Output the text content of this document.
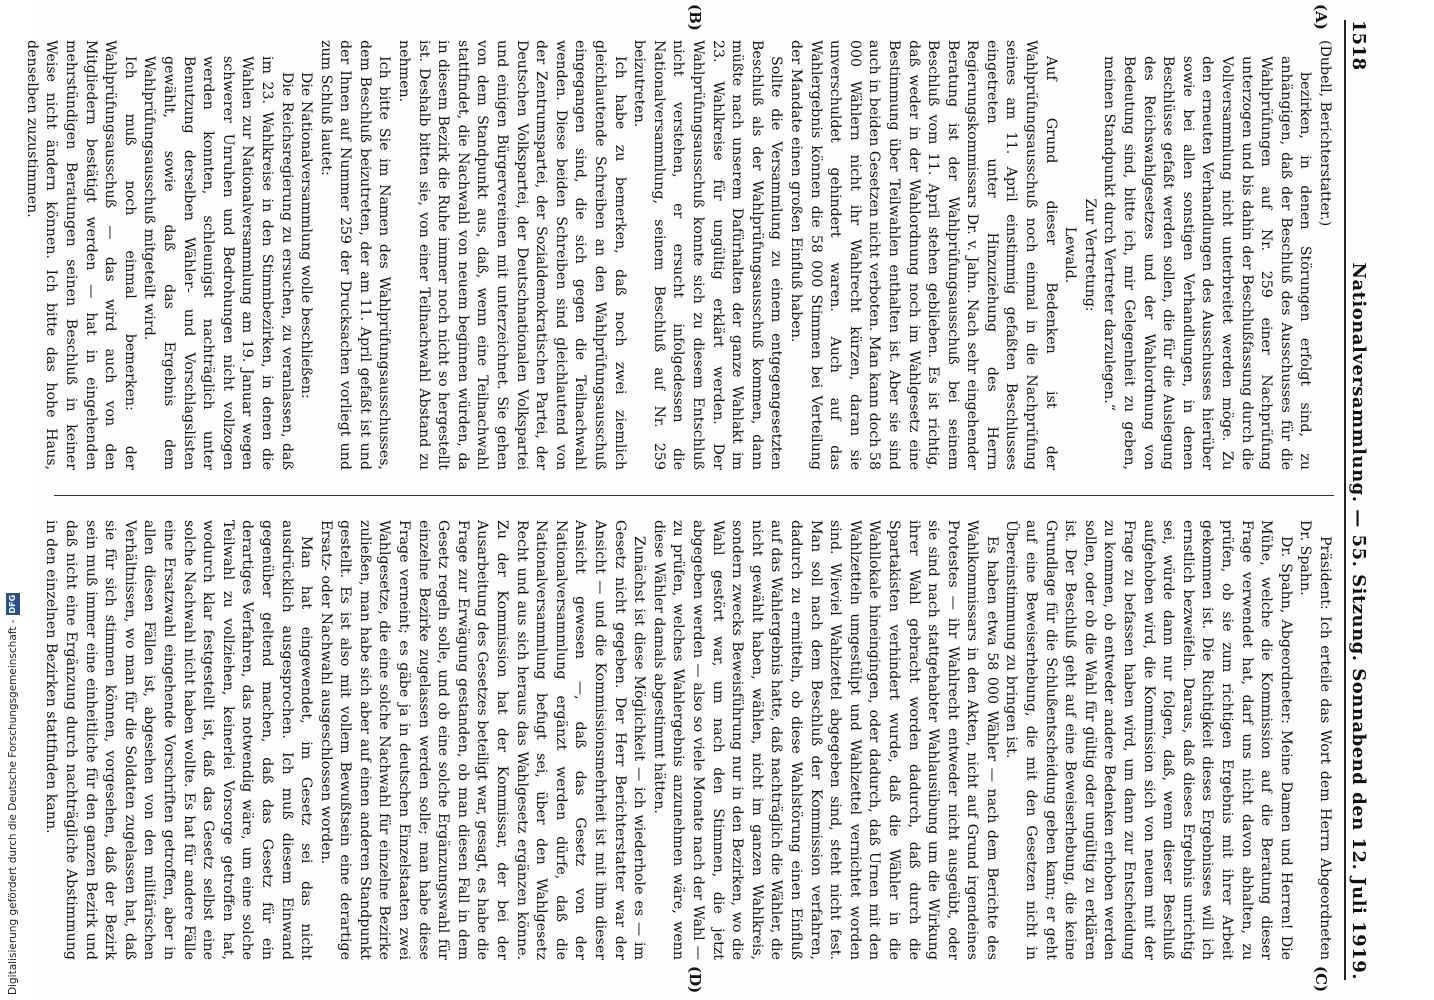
1518
Nationalversammlung. — 55. Sitzung. Sonnabend den 12. Juli 1919.
(A)
(B)
(C)
(D)

(Dubell, Berichterstatter.)

bezirken, in denen Störungen erfolgt sind, zu anhängigen, daß der Beschluß des Ausschusses für die Wahlprüfungen auf Nr. 259 einer Nachprüfung unterzogen und bis dahin der Beschlußfassung durch die Vollversammlung nicht unterbreitet werden möge. Zu den erneuten Verhandlungen des Ausschusses hierüber sowie bei allen sonstigen Verhandlungen, in denen Beschlüsse gefaßt werden sollen, die für die Auslegung des Reichswahlgesetzes und der Wahlordnung von Bedeutung sind, bitte ich, mir Gelegenheit zu geben, meinen Standpunkt durch Vertreter darzulegen.“

Zur Vertretung:

Lewald.

Auf Grund dieser Bedenken ist der Wahlprüfungsausschuß noch einmal in die Nachprüfung seines am 11. April einstimmig gefaßten Beschlusses eingetreten unter Hinzuziehung des Herrn Regierungskommissars Dr. v. Jahn. Nach sehr eingehender Beratung ist der Wahlprüfungsausschuß bei seinem Beschluß vom 11. April stehen geblieben. Es ist richtig, daß weder in der Wahlordnung noch im Wahlgesetz eine Bestimmung über Teilwahlen enthalten ist. Aber sie sind auch in beiden Gesetzen nicht verboten. Man kann doch 58 000 Wählern nicht ihr Wahlrecht kürzen, daran sie unverschuldet gehindert waren. Auch auf das Wahlergebnis können die 58 000 Stimmen bei Verteilung der Mandate einen großen Einfluß haben.

Sollte die Versammlung zu einem entgegengesetzten Beschluß als der Wahlprüfungsausschuß kommen, dann müßte nach unserem Dafürhalten der ganze Wahlakt im 23. Wahlkreise für ungültig erklärt werden. Der Wahlprüfungsausschuß konnte sich zu diesem Entschluß nicht verstehen, er ersucht infolgedessen die Nationalversammlung, seinem Beschluß auf Nr. 259 beizutreten.

Ich habe zu bemerken, daß noch zwei ziemlich gleichlautende Schreiben an den Wahlprüfungsausschuß eingegangen sind, die sich gegen die Teilnachwahl wenden. Diese beiden Schreiben sind gleichlautend von der Zentrumspartei, der Sozialdemokratischen Partei, der Deutschen Volkspartei, der Deutschnationalen Volkspartei und einigen Bürgervereinen mit unterzeichnet. Sie gehen von dem Standpunkt aus, daß, wenn eine Teilnachwahl stattfindet, die Nachwahl von neuem beginnen würden, da in diesem Bezirk die Ruhe immer noch nicht so hergestellt ist. Deshalb bitten sie, von einer Teilnachwahl Abstand zu nehmen.

Ich bitte Sie im Namen des Wahlprüfungsausschusses, dem Beschluß beizutreten, der am 11. April gefaßt ist und der Ihnen auf Nummer 259 der Drucksachen vorliegt und zum Schluß lautet:

Die Nationalversammlung wolle beschließen:

Die Reichsregierung zu ersuchen, zu veranlassen, daß im 23. Wahlkreise in den Stimmbezirken, in denen die Wahlen zur Nationalversammlung am 19. Januar wegen schwerer Unruhen und Bedrohungen nicht vollzogen werden konnten, schleunigst nachträglich unter Benutzung derselben Wähler- und Vorschlagslisten gewählt, sowie daß das Ergebnis dem Wahlprüfungsausschuß mitgeteilt wird.

Ich muß noch einmal bemerken: der Wahlprüfungsausschuß — das wird auch von den Mitgliedern bestätigt werden — hat in eingehenden mehrstündigen Beratungen seinen Beschluß in keiner Weise nicht ändern können. Ich bitte das hohe Haus, denselben zuzustimmen.

Präsident: Ich erteile das Wort dem Herrn Abgeordneten Dr. Spahn.

Dr. Spahn, Abgeordneter: Meine Damen und Herren! Die Mühe, welche die Kommission auf die Beratung dieser Frage verwendet hat, darf uns nicht davon abhalten, zu prüfen, ob sie zum richtigen Ergebnis mit ihrer Arbeit gekommen ist. Die Richtigkeit dieses Ergebnisses will ich ernstlich bezweifeln. Daraus, daß dieses Ergebnis unrichtig sei, würde dann nur folgen, daß, wenn dieser Beschluß aufgehoben wird, die Kommission sich von neuem mit der Frage zu befassen haben wird, um dann zur Entscheidung zu kommen, ob entweder andere Bedenken erhoben werden sollen, oder ob die Wahl für gültig oder ungültig zu erklären ist. Der Beschluß geht auf eine Beweiserhebung, die keine Grundlage für die Schlußentscheidung geben kann; er geht auf eine Beweiserhebung, die mit den Gesetzen nicht in Übereinstimmung zu bringen ist.

Es haben etwa 58 000 Wähler — nach dem Berichte des Wahlkommissars in den Akten, nicht auf Grund irgendeines Protestes — ihr Wahlrecht entweder nicht ausgeübt, oder sie sind nach stattgehabter Wahlausübung um die Wirkung ihrer Wahl gebracht worden dadurch, daß durch die Spartakisten verhindert wurde, daß die Wähler in die Wahllokale hineingingen, oder dadurch, daß Urnen mit den Wahlzetteln umgestülpt und Wahlzettel vernichtet worden sind. Wieviel Wahlzettel abgegeben sind, steht nicht fest. Man soll nach dem Beschluß der Kommission verfahren, dadurch zu ermitteln, ob diese Wahlstörung einen Einfluß auf das Wahlergebnis hatte, daß nachträglich die Wähler, die nicht gewählt haben, wählen, nicht im ganzen Wahlkreis, sondern zwecks Beweisführung nur in den Bezirken, wo die Wahl gestört war, um nach den Stimmen, die jetzt abgegeben werden — also so viele Monate nach der Wahl — zu prüfen, welches Wahlergebnis anzunehmen wäre, wenn diese Wähler damals abgestimmt hätten.

Zunächst ist diese Möglichkeit — ich wiederhole es — im Gesetz nicht gegeben. Der Herr Berichterstatter war der Ansicht — und die Kommissionsmehrheit ist mit ihm dieser Ansicht gewesen —, daß das Gesetz von der Nationalversammlung ergänzt werden dürfe, daß die Nationalversammlung befugt sei, über den Wahlgesetz Recht und aus sich heraus das Wahlgesetz ergänzen könne. Zu der Kommission hat der Kommissar, der bei der Ausarbeitung des Gesetzes beteiligt war, gesagt, es habe die Frage zur Erwägung gestanden, ob man diesen Fall in dem Gesetz regeln solle, und ob eine solche Ergänzungswahl für einzelne Bezirke zugelassen werden solle; man habe diese Frage verneint; es gäbe ja in deutschen Einzelstaaten zwei Wahlgesetze, die eine solche Nachwahl für einzelne Bezirke zuließen, man habe sich aber auf einen anderen Standpunkt gestellt. Es ist also mit vollem Bewußtsein eine derartige Ersatz- oder Nachwahl ausgeschlossen worden.

Man hat eingewendet, im Gesetz sei das nicht ausdrücklich ausgesprochen. Ich muß diesem Einwand gegenüber geltend machen, daß das Gesetz für ein derartiges Verfahren, das notwendig wäre, um eine solche Teilwahl zu vollziehen, keinerlei Vorsorge getroffen hat, wodurch klar festgestellt ist, daß das Gesetz selbst eine solche Nachwahl nicht haben wollte. Es hat für andere Fälle eine Ersatzwahl eingehende Vorschriften getroffen, aber in allen diesen Fällen ist, abgesehen von den militärischen Verhältnissen, wo man für die Soldaten zugelassen hat, daß sie für sich stimmen können, vorgesehen, daß der Bezirk sein muß immer eine einheitliche für den ganzen Bezirk und daß nicht eine Ergänzung durch nachträgliche Abstimmung in den einzelnen Bezirken stattfinden kann.

Digitalisierung gefördert durch die Deutsche Forschungsgemeinschaft -
DFG
